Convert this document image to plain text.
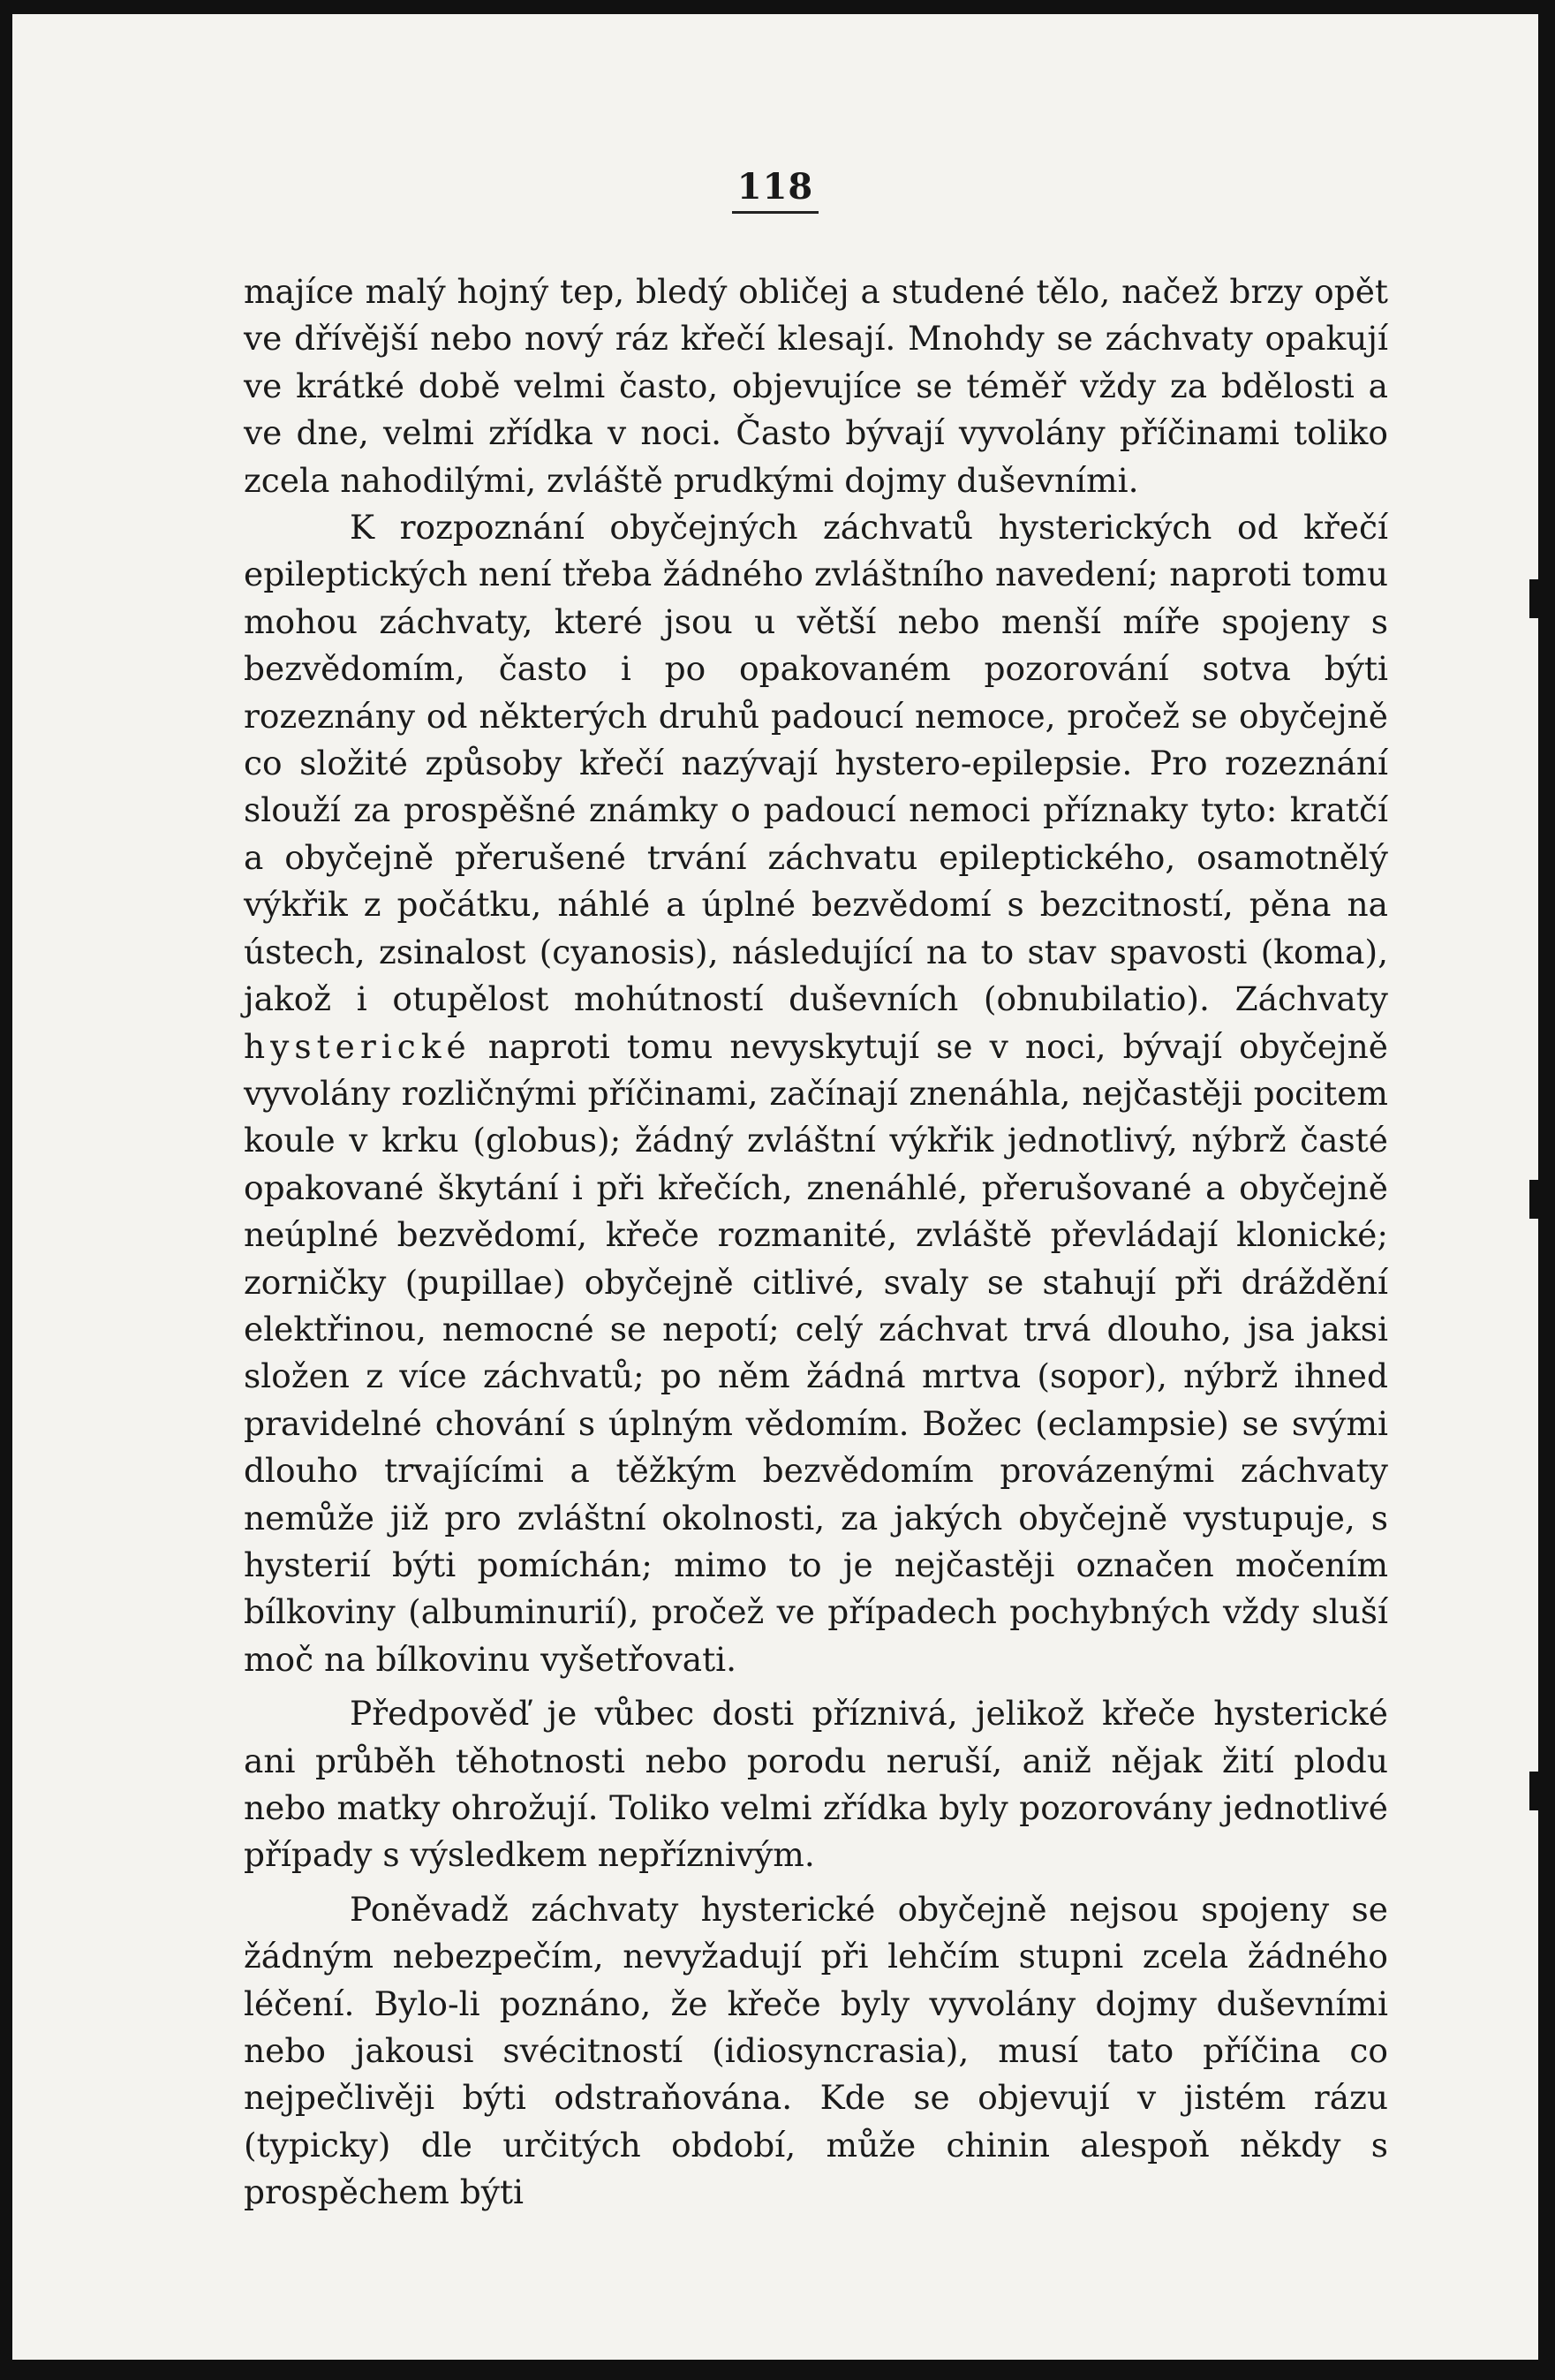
118

majíce malý hojný tep, bledý obličej a studené tělo, načež brzy opět ve dřívější nebo nový ráz křečí klesají. Mnohdy se záchvaty opakují ve krátké době velmi často, objevujíce se téměř vždy za bdělosti a ve dne, velmi zřídka v noci. Často bývají vyvolány příčinami toliko zcela nahodilými, zvláště prudkými dojmy duševními.

K rozpoznání obyčejných záchvatů hysterických od křečí epileptických není třeba žádného zvláštního navedení; naproti tomu mohou záchvaty, které jsou u větší nebo menší míře spojeny s bezvědomím, často i po opakovaném pozorování sotva býti rozeznány od některých druhů padoucí nemoce, pročež se obyčejně co složité způsoby křečí nazývají hystero-epilepsie. Pro rozeznání slouží za prospěšné známky o padoucí nemoci příznaky tyto: kratčí a obyčejně přerušené trvání záchvatu epileptického, osamotnělý výkřik z počátku, náhlé a úplné bezvědomí s bezcitností, pěna na ústech, zsinalost (cyanosis), následující na to stav spavosti (koma), jakož i otupělost mohútností duševních (obnubilatio). Záchvaty hysterické naproti tomu nevyskytují se v noci, bývají obyčejně vyvolány rozličnými příčinami, začínají znenáhla, nejčastěji pocitem koule v krku (globus); žádný zvláštní výkřik jednotlivý, nýbrž časté opakované škytání i při křečích, znenáhlé, přerušované a obyčejně neúplné bezvědomí, křeče rozmanité, zvláště převládají klonické; zorničky (pupillae) obyčejně citlivé, svaly se stahují při dráždění elektřinou, nemocné se nepotí; celý záchvat trvá dlouho, jsa jaksi složen z více záchvatů; po něm žádná mrtva (sopor), nýbrž ihned pravidelné chování s úplným vědomím. Božec (eclampsie) se svými dlouho trvajícími a těžkým bezvědomím provázenými záchvaty nemůže již pro zvláštní okolnosti, za jakých obyčejně vystupuje, s hysterií býti pomíchán; mimo to je nejčastěji označen močením bílkoviny (albuminurií), pročež ve případech pochybných vždy sluší moč na bílkovinu vyšetřovati.

Předpověď je vůbec dosti příznivá, jelikož křeče hysterické ani průběh těhotnosti nebo porodu neruší, aniž nějak žití plodu nebo matky ohrožují. Toliko velmi zřídka byly pozorovány jednotlivé případy s výsledkem nepříznivým.

Poněvadž záchvaty hysterické obyčejně nejsou spojeny se žádným nebezpečím, nevyžadují při lehčím stupni zcela žádného léčení. Bylo-li poznáno, že křeče byly vyvolány dojmy duševními nebo jakousi svécitností (idiosyncrasia), musí tato příčina co nejpečlivěji býti odstraňována. Kde se objevují v jistém rázu (typicky) dle určitých období, může chinin alespoň někdy s prospěchem býti
